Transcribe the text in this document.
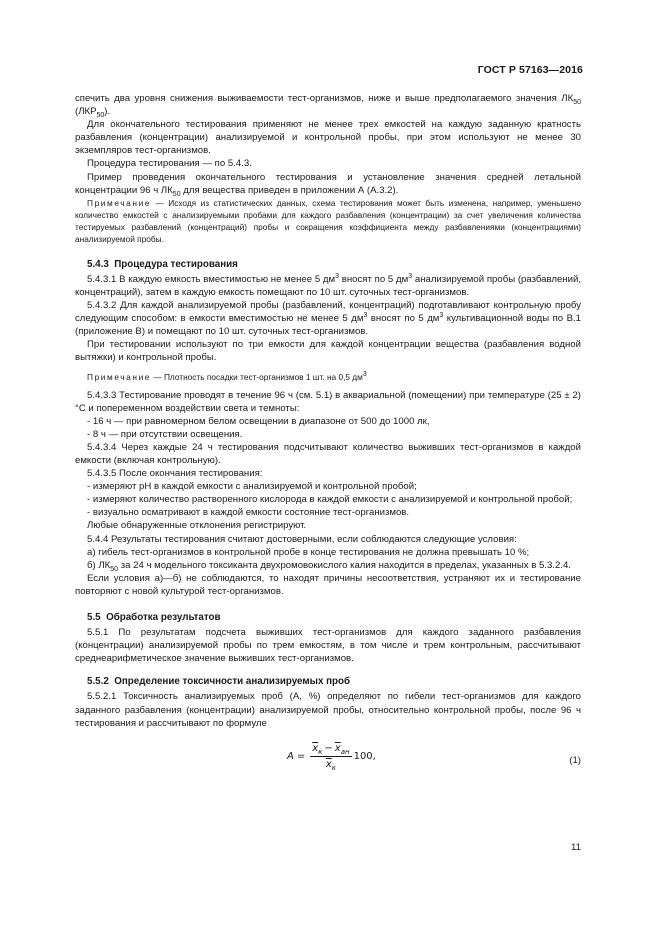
ГОСТ Р 57163—2016

спечить два уровня снижения выживаемости тест-организмов, ниже и выше предполагаемого значения $ЛК_{50}$ $(ЛКР_{50})$.

Для окончательного тестирования применяют не менее трех емкостей на каждую заданную кратность разбавления (концентрации) анализируемой и контрольной пробы, при этом используют не менее 30 экземпляров тест-организмов.

Процедура тестирования — по 5.4.3.

Пример проведения окончательного тестирования и установление значения средней летальной концентрации 96 ч $ЛК_{50}$ для вещества приведен в приложении А (А.3.2).

Примечание — Исходя из статистических данных, схема тестирования может быть изменена, например, уменьшено количество емкостей с анализируемыми пробами для каждого разбавления (концентрации) за счет увеличения количества тестируемых разбавлений (концентраций) пробы и сокращения коэффициента между разбавлениями (концентрациями) анализируемой пробы.

5.4.3 Процедура тестирования

5.4.3.1 В каждую емкость вместимостью не менее 5 $дм^3$ вносят по 5 $дм^3$ анализируемой пробы (разбавлений, концентраций), затем в каждую емкость помещают по 10 шт. суточных тест-организмов.

5.4.3.2 Для каждой анализируемой пробы (разбавлений, концентраций) подготавливают контрольную пробу следующим способом: в емкости вместимостью не менее 5 $дм^3$ вносят по 5 $дм^3$ культивационной воды по В.1 (приложение В) и помещают по 10 шт. суточных тест-организмов.

При тестировании используют по три емкости для каждой концентрации вещества (разбавления водной вытяжки) и контрольной пробы.

Примечание — Плотность посадки тест-организмов 1 шт. на 0,5 $дм^3$

5.4.3.3 Тестирование проводят в течение 96 ч (см. 5.1) в аквариальной (помещении) при температуре (25 ± 2) °С и попеременном воздействии света и темноты:

- 16 ч — при равномерном белом освещении в диапазоне от 500 до 1000 лк,

- 8 ч — при отсутствии освещения.

5.4.3.4 Через каждые 24 ч тестирования подсчитывают количество выживших тест-организмов в каждой емкости (включая контрольную).

5.4.3.5 После окончания тестирования:

- измеряют рН в каждой емкости с анализируемой и контрольной пробой;

- измеряют количество растворенного кислорода в каждой емкости с анализируемой и контрольной пробой;

- визуально осматривают в каждой емкости состояние тест-организмов.

Любые обнаруженные отклонения регистрируют.

5.4.4 Результаты тестирования считают достоверными, если соблюдаются следующие условия:

а) гибель тест-организмов в контрольной пробе в конце тестирования не должна превышать 10 %;

б) $ЛК_{50}$ за 24 ч модельного токсиканта двухромовокислого калия находится в пределах, указанных в 5.3.2.4.

Если условия а)—б) не соблюдаются, то находят причины несоответствия, устраняют их и тестирование повторяют с новой культурой тест-организмов.

5.5 Обработка результатов

5.5.1 По результатам подсчета выживших тест-организмов для каждого заданного разбавления (концентрации) анализируемой пробы по трем емкостям, в том числе и трем контрольным, рассчитывают среднеарифметическое значение выживших тест-организмов.

5.5.2 Определение токсичности анализируемых проб

5.5.2.1 Токсичность анализируемых проб (А, %) определяют по гибели тест-организмов для каждого заданного разбавления (концентрации) анализируемой пробы, относительно контрольной пробы, после 96 ч тестирования и рассчитывают по формуле

$A = \frac{\overline{x}_к - \overline{x}_{ан}}{\overline{x}_к} 100$,	(1)
11
